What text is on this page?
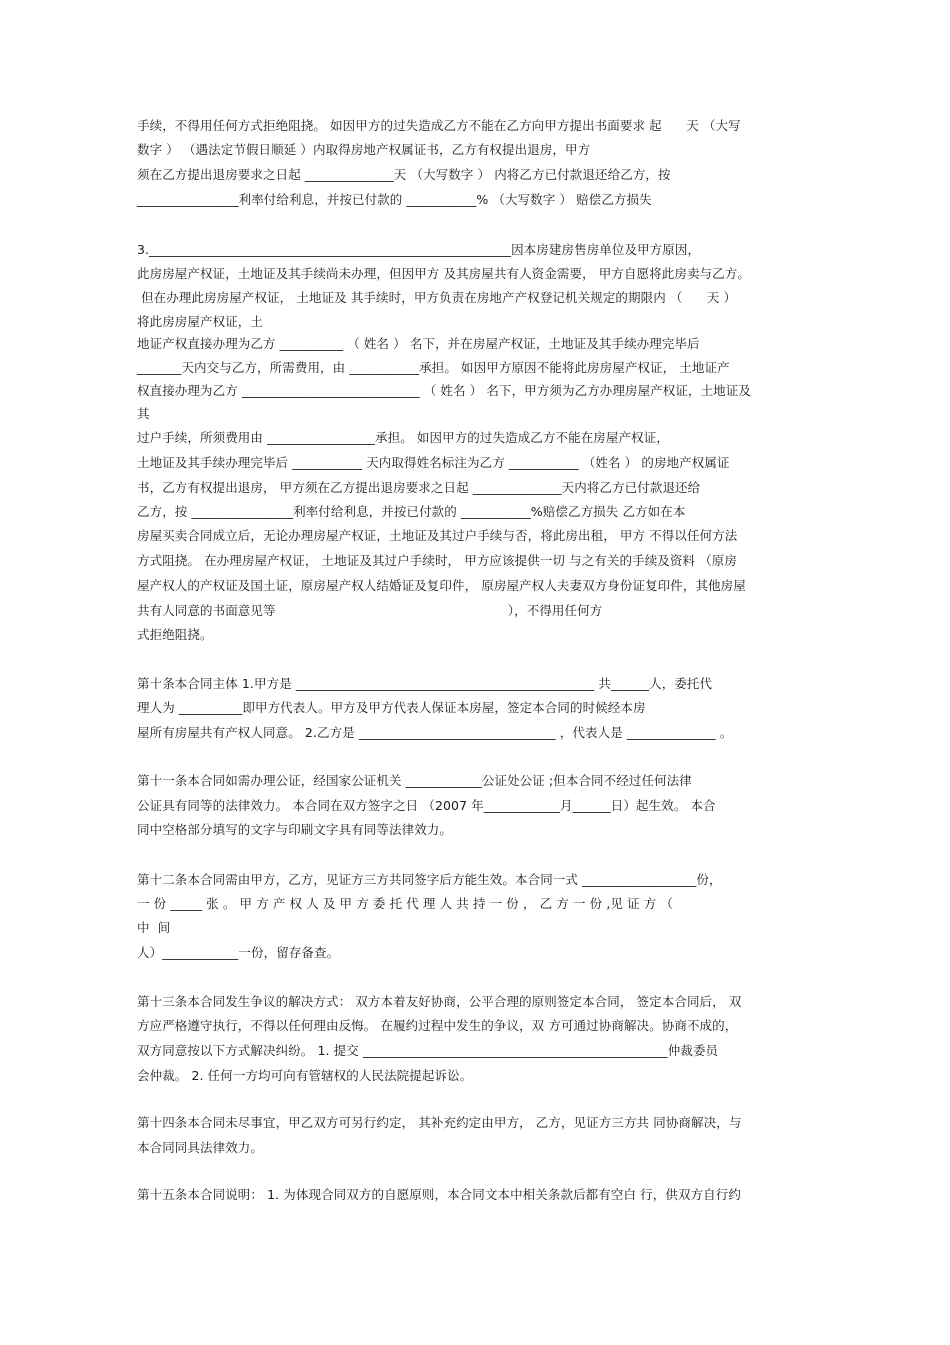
手续，不得用任何方式拒绝阻挠。 如因甲方的过失造成乙方不能在乙方向甲方提出书面要求 起      天 （大写
数字 ） （遇法定节假日顺延 ）内取得房地产权属证书，乙方有权提出退房，甲方
须在乙方提出退房要求之日起 ______________天 （大写数字 ） 内将乙方已付款退还给乙方，按
________________利率付给利息，并按已付款的 ___________% （大写数字 ） 赔偿乙方损失
3._________________________________________________________因本房建房售房单位及甲方原因，
此房房屋产权证，土地证及其手续尚未办理，但因甲方 及其房屋共有人资金需要， 甲方自愿将此房卖与乙方。
但在办理此房房屋产权证， 土地证及 其手续时，甲方负责在房地产产权登记机关规定的期限内 （      天 ）
将此房房屋产权证，土
地证产权直接办理为乙方 __________ （ 姓名 ） 名下，并在房屋产权证，土地证及其手续办理完毕后
_______天内交与乙方，所需费用，由 ___________承担。 如因甲方原因不能将此房房屋产权证， 土地证产
权直接办理为乙方 ____________________________ （ 姓名 ） 名下，甲方须为乙方办理房屋产权证，土地证及
其
过户手续，所须费用由 _________________承担。 如因甲方的过失造成乙方不能在房屋产权证，
土地证及其手续办理完毕后 ___________ 天内取得姓名标注为乙方 ___________ （姓名 ） 的房地产权属证
书，乙方有权提出退房， 甲方须在乙方提出退房要求之日起 ______________天内将乙方已付款退还给
乙方，按 ________________利率付给利息，并按已付款的 ___________%赔偿乙方损失 乙方如在本
房屋买卖合同成立后，无论办理房屋产权证，土地证及其过户手续与否，将此房出租， 甲方 不得以任何方法
方式阻挠。 在办理房屋产权证， 土地证及其过户手续时， 甲方应该提供一切 与之有关的手续及资料 （原房
屋产权人的产权证及国土证，原房屋产权人结婚证及复印件， 原房屋产权人夫妻双方身份证复印件，其他房屋
共有人同意的书面意见等                                                         ），不得用任何方
式拒绝阻挠。
第十条本合同主体 1.甲方是 _______________________________________________ 共______人，委托代
理人为 __________即甲方代表人。甲方及甲方代表人保证本房屋，签定本合同的时候经本房
屋所有房屋共有产权人同意。 2.乙方是 _______________________________ ，代表人是 ______________ 。
第十一条本合同如需办理公证，经国家公证机关 ____________公证处公证 ;但本合同不经过任何法律
公证具有同等的法律效力。 本合同在双方签字之日 （2007 年____________月______日）起生效。 本合
同中空格部分填写的文字与印刷文字具有同等法律效力。
第十二条本合同需由甲方，乙方，见证方三方共同签字后方能生效。本合同一式 __________________份，
一 份 _____ 张 。 甲 方 产 权 人 及 甲 方 委 托 代 理 人 共 持 一 份 ， 乙 方 一 份 ,见 证 方 （
中  间
人）____________一份，留存备查。
第十三条本合同发生争议的解决方式： 双方本着友好协商，公平合理的原则签定本合同， 签定本合同后， 双
方应严格遵守执行，不得以任何理由反悔。 在履约过程中发生的争议，双 方可通过协商解决。协商不成的，
双方同意按以下方式解决纠纷。 1. 提交 ________________________________________________仲裁委员
会仲裁。 2. 任何一方均可向有管辖权的人民法院提起诉讼。
第十四条本合同未尽事宜，甲乙双方可另行约定， 其补充约定由甲方， 乙方，见证方三方共 同协商解决，与
本合同同具法律效力。
第十五条本合同说明： 1. 为体现合同双方的自愿原则，本合同文本中相关条款后都有空白 行，供双方自行约
